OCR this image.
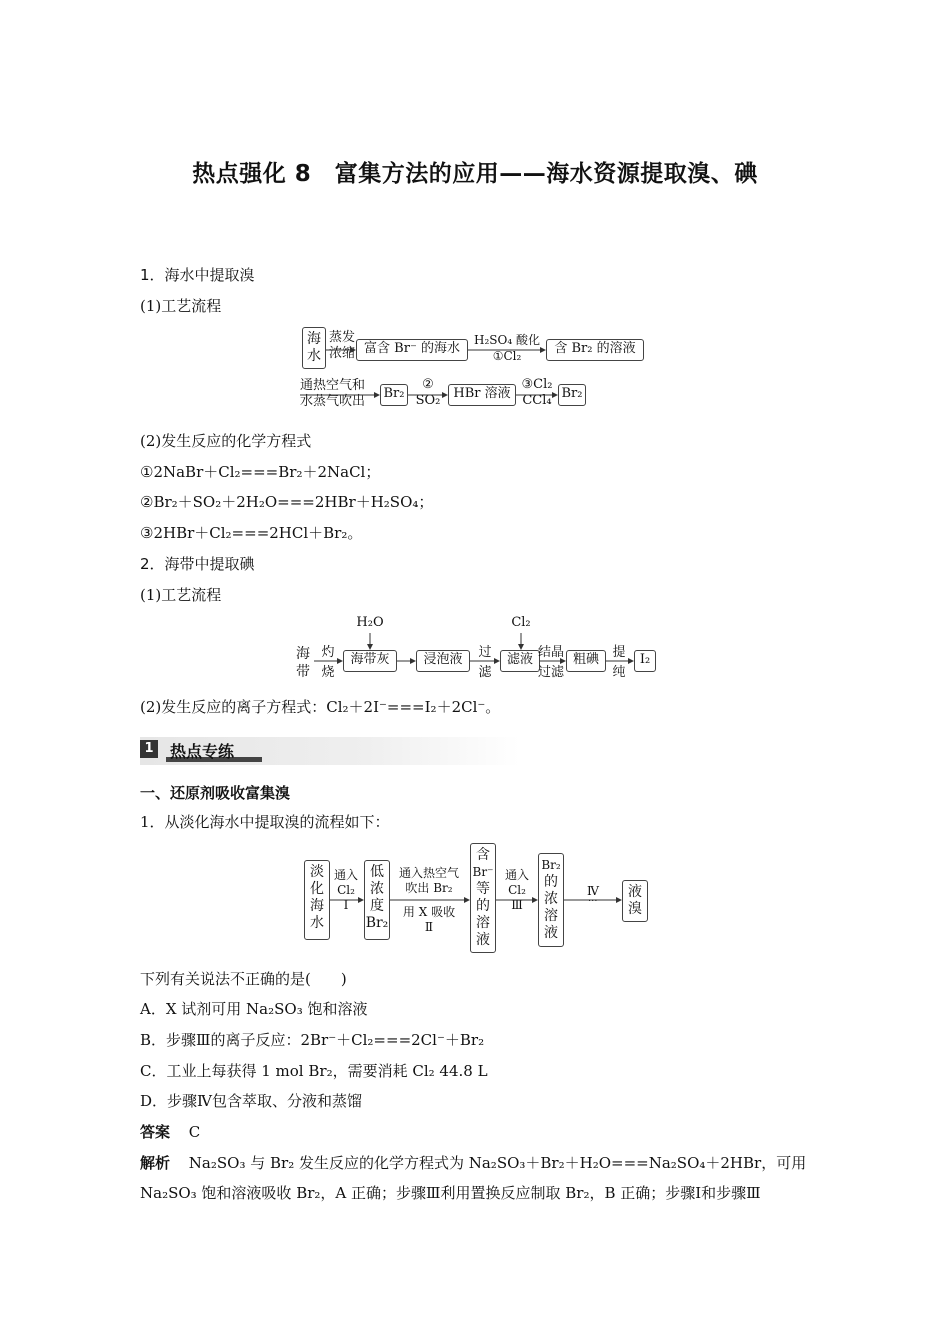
热点强化 8　富集方法的应用——海水资源提取溴、碘
1．海水中提取溴
(1)工艺流程
海
水
蒸发
浓缩 富含 Br⁻ 的海水
H₂SO₄ 酸化
①Cl₂	含 Br₂ 的溶液
通热空气和
水蒸气吹出
Br₂
②
SO₂ HBr 溶液
③Cl₂
CCl₄ Br₂
(2)发生反应的化学方程式
①2NaBr＋Cl₂===Br₂＋2NaCl；
②Br₂＋SO₂＋2H₂O===2HBr＋H₂SO₄；
③2HBr＋Cl₂===2HCl＋Br₂。
2．海带中提取碘
(1)工艺流程
海
带
灼
烧
海带灰
H₂O
浸泡液	过
滤
滤液
Cl₂
结晶
过滤
粗碘	提
纯
I₂
(2)发生反应的离子方程式：Cl₂＋2I⁻===I₂＋2Cl⁻。
1 热点专练
一、还原剂吸收富集溴
1．从淡化海水中提取溴的流程如下：
淡
化
海
水
通入
Cl₂
Ⅰ
低
浓
度
Br₂
通入热空气
吹出 Br₂
用 X 吸收
Ⅱ
含
Br⁻
等
的
溶
液
通入
Cl₂
Ⅲ
Br₂
的
浓
溶
液
Ⅳ	液
溴
···
下列有关说法不正确的是(　　)
A．X 试剂可用 Na₂SO₃ 饱和溶液
B．步骤Ⅲ的离子反应：2Br⁻＋Cl₂===2Cl⁻＋Br₂
C．工业上每获得 1 mol Br₂，需要消耗 Cl₂ 44.8 L
D．步骤Ⅳ包含萃取、分液和蒸馏
答案 C
解析 Na₂SO₃ 与 Br₂ 发生反应的化学方程式为 Na₂SO₃＋Br₂＋H₂O===Na₂SO₄＋2HBr，可用
Na₂SO₃ 饱和溶液吸收 Br₂，A 正确；步骤Ⅲ利用置换反应制取 Br₂，B 正确；步骤Ⅰ和步骤Ⅲ
